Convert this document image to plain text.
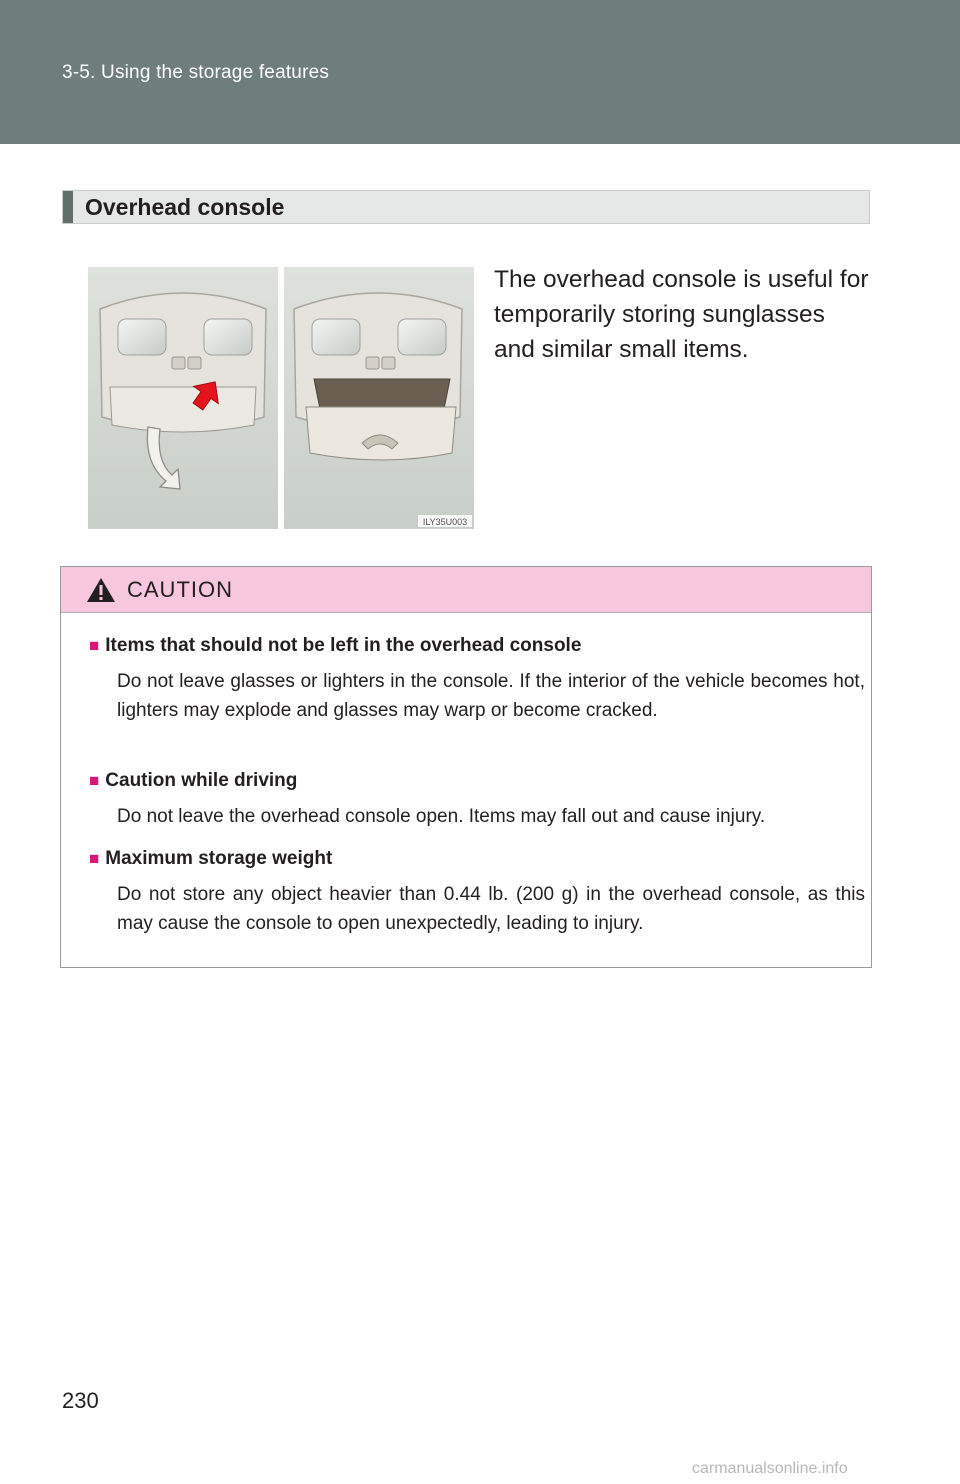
3-5. Using the storage features
Overhead console
ILY35U003
The overhead console is useful for temporarily storing sunglasses and similar small items.
CAUTION
■ Items that should not be left in the overhead console
Do not leave glasses or lighters in the console. If the interior of the vehicle becomes hot, lighters may explode and glasses may warp or become cracked.
■ Caution while driving
Do not leave the overhead console open. Items may fall out and cause injury.
■ Maximum storage weight
Do not store any object heavier than 0.44 lb. (200 g) in the overhead console, as this may cause the console to open unexpectedly, leading to injury.
230
carmanualsonline.info
